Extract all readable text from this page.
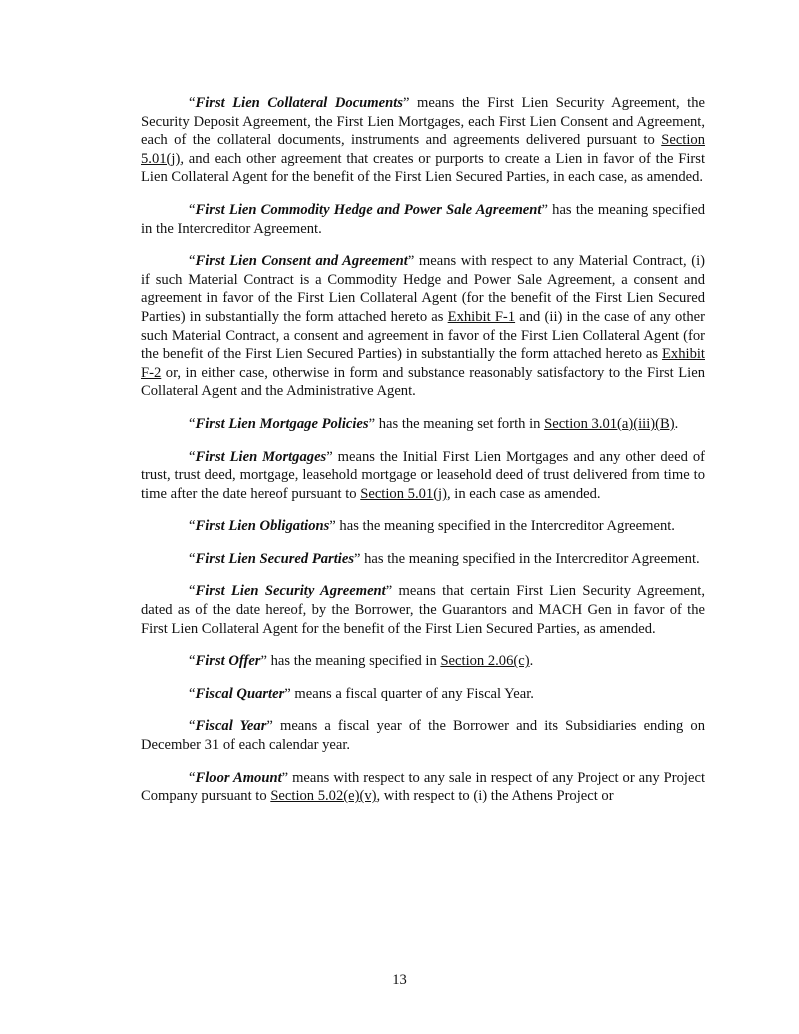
“First Lien Collateral Documents” means the First Lien Security Agreement, the Security Deposit Agreement, the First Lien Mortgages, each First Lien Consent and Agreement, each of the collateral documents, instruments and agreements delivered pursuant to Section 5.01(j), and each other agreement that creates or purports to create a Lien in favor of the First Lien Collateral Agent for the benefit of the First Lien Secured Parties, in each case, as amended.

“First Lien Commodity Hedge and Power Sale Agreement” has the meaning specified in the Intercreditor Agreement.

“First Lien Consent and Agreement” means with respect to any Material Contract, (i) if such Material Contract is a Commodity Hedge and Power Sale Agreement, a consent and agreement in favor of the First Lien Collateral Agent (for the benefit of the First Lien Secured Parties) in substantially the form attached hereto as Exhibit F-1 and (ii) in the case of any other such Material Contract, a consent and agreement in favor of the First Lien Collateral Agent (for the benefit of the First Lien Secured Parties) in substantially the form attached hereto as Exhibit F-2 or, in either case, otherwise in form and substance reasonably satisfactory to the First Lien Collateral Agent and the Administrative Agent.

“First Lien Mortgage Policies” has the meaning set forth in Section 3.01(a)(iii)(B).

“First Lien Mortgages” means the Initial First Lien Mortgages and any other deed of trust, trust deed, mortgage, leasehold mortgage or leasehold deed of trust delivered from time to time after the date hereof pursuant to Section 5.01(j), in each case as amended.

“First Lien Obligations” has the meaning specified in the Intercreditor Agreement.

“First Lien Secured Parties” has the meaning specified in the Intercreditor Agreement.

“First Lien Security Agreement” means that certain First Lien Security Agreement, dated as of the date hereof, by the Borrower, the Guarantors and MACH Gen in favor of the First Lien Collateral Agent for the benefit of the First Lien Secured Parties, as amended.

“First Offer” has the meaning specified in Section 2.06(c).

“Fiscal Quarter” means a fiscal quarter of any Fiscal Year.

“Fiscal Year” means a fiscal year of the Borrower and its Subsidiaries ending on December 31 of each calendar year.

“Floor Amount” means with respect to any sale in respect of any Project or any Project Company pursuant to Section 5.02(e)(v), with respect to (i) the Athens Project or

13
